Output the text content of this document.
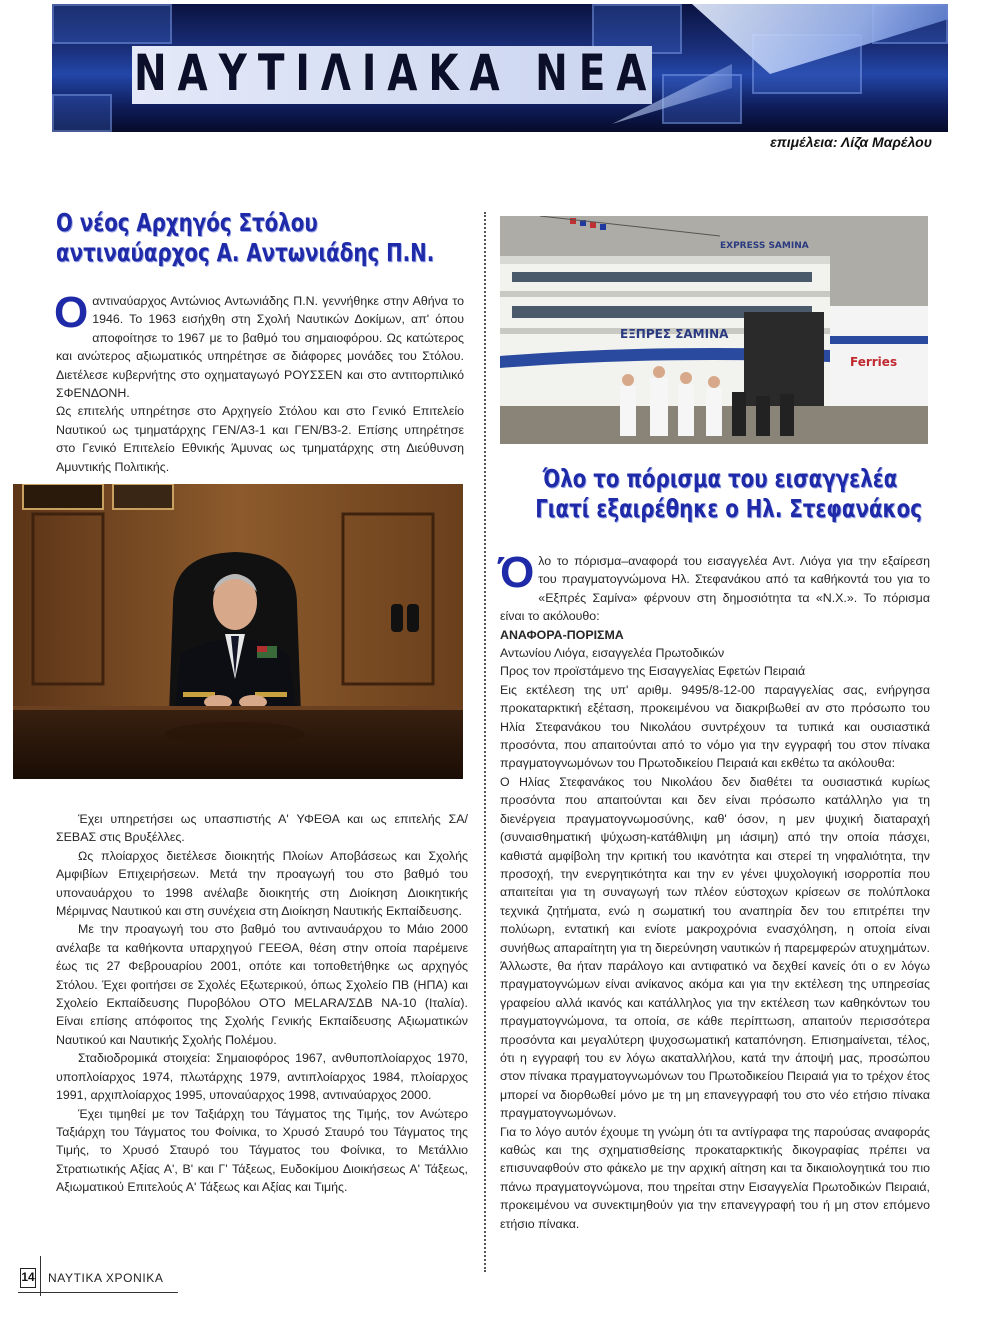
ΝΑΥΤΙΛΙΑΚΑ ΝΕΑ
επιμέλεια: Λίζα Μαρέλου
Ο νέος Αρχηγός Στόλου
αντιναύαρχος Α. Αντωνιάδης Π.Ν.

Οαντιναύαρχος Αντώνιος Αντωνιάδης Π.Ν. γεννήθηκε στην Αθήνα το 1946. Το 1963 εισήχθη στη Σχολή Ναυτικών Δοκίμων, απ' όπου αποφοίτησε το 1967 με το βαθμό του σημαιοφόρου. Ως κατώτερος και ανώτερος αξιωματικός υπηρέτησε σε διάφορες μονάδες του Στόλου. Διετέλεσε κυβερνήτης στο οχηματαγωγό ΡΟΥΣΣΕΝ και στο αντιτορπιλικό ΣΦΕΝΔΟΝΗ.

Ως επιτελής υπηρέτησε στο Αρχηγείο Στόλου και στο Γενικό Επιτελείο Ναυτικού ως τμηματάρχης ΓΕΝ/Α3-1 και ΓΕΝ/Β3-2. Επίσης υπηρέτησε στο Γενικό Επιτελείο Εθνικής Άμυνας ως τμηματάρχης στη Διεύθυνση Αμυντικής Πολιτικής.

Έχει υπηρετήσει ως υπασπιστής Α' ΥΦΕΘΑ και ως επιτελής ΣΑ/ΣΕΒΑΣ στις Βρυξέλλες.

Ως πλοίαρχος διετέλεσε διοικητής Πλοίων Αποβάσεως και Σχολής Αμφιβίων Επιχειρήσεων. Μετά την προαγωγή του στο βαθμό του υποναυάρχου το 1998 ανέλαβε διοικητής στη Διοίκηση Διοικητικής Μέριμνας Ναυτικού και στη συνέχεια στη Διοίκηση Ναυτικής Εκπαίδευσης.

Με την προαγωγή του στο βαθμό του αντιναυάρχου το Μάιο 2000 ανέλαβε τα καθήκοντα υπαρχηγού ΓΕΕΘΑ, θέση στην οποία παρέμεινε έως τις 27 Φεβρουαρίου 2001, οπότε και τοποθετήθηκε ως αρχηγός Στόλου. Έχει φοιτήσει σε Σχολές Εξωτερικού, όπως Σχολείο ΠΒ (ΗΠΑ) και Σχολείο Εκπαίδευσης Πυροβόλου ΟΤΟ MELARA/ΣΔΒ ΝΑ-10 (Ιταλία). Είναι επίσης απόφοιτος της Σχολής Γενικής Εκπαίδευσης Αξιωματικών Ναυτικού και Ναυτικής Σχολής Πολέμου.

Σταδιοδρομικά στοιχεία: Σημαιοφόρος 1967, ανθυποπλοίαρχος 1970, υποπλοίαρχος 1974, πλωτάρχης 1979, αντιπλοίαρχος 1984, πλοίαρχος 1991, αρχιπλοίαρχος 1995, υποναύαρχος 1998, αντιναύαρχος 2000.

Έχει τιμηθεί με τον Ταξιάρχη του Τάγματος της Τιμής, τον Ανώτερο Ταξιάρχη του Τάγματος του Φοίνικα, το Χρυσό Σταυρό του Τάγματος της Τιμής, το Χρυσό Σταυρό του Τάγματος του Φοίνικα, το Μετάλλιο Στρατιωτικής Αξίας Α', Β' και Γ' Τάξεως, Ευδοκίμου Διοικήσεως Α' Τάξεως, Αξιωματικού Επιτελούς Α' Τάξεως και Αξίας και Τιμής.

ΕΞΠΡΕΣ ΣΑΜΙΝΑ
EXPRESS SAMINA
Ferries
Όλο το πόρισμα του εισαγγελέα
Γιατί εξαιρέθηκε ο Ηλ. Στεφανάκος

Όλο το πόρισμα–αναφορά του εισαγγελέα Αντ. Λιόγα για την εξαίρεση του πραγματογνώμονα Ηλ. Στεφανάκου από τα καθήκοντά του για το «Εξπρές Σαμίνα» φέρνουν στη δημοσιότητα τα «Ν.Χ.». Το πόρισμα είναι το ακόλουθο:

ΑΝΑΦΟΡΑ-ΠΟΡΙΣΜΑ

Αντωνίου Λιόγα, εισαγγελέα Πρωτοδικών

Προς τον προϊστάμενο της Εισαγγελίας Εφετών Πειραιά

Εις εκτέλεση της υπ' αριθμ. 9495/8-12-00 παραγγελίας σας, ενήργησα προκαταρκτική εξέταση, προκειμένου να διακριβωθεί αν στο πρόσωπο του Ηλία Στεφανάκου του Νικολάου συντρέχουν τα τυπικά και ουσιαστικά προσόντα, που απαιτούνται από το νόμο για την εγγραφή του στον πίνακα πραγματογνωμόνων του Πρωτοδικείου Πειραιά και εκθέτω τα ακόλουθα:

Ο Ηλίας Στεφανάκος του Νικολάου δεν διαθέτει τα ουσιαστικά κυρίως προσόντα που απαιτούνται και δεν είναι πρόσωπο κατάλληλο για τη διενέργεια πραγματογνωμοσύνης, καθ' όσον, η μεν ψυχική διαταραχή (συναισθηματική ψύχωση-κατάθλιψη μη ιάσιμη) από την οποία πάσχει, καθιστά αμφίβολη την κριτική του ικανότητα και στερεί τη νηφαλιότητα, την προσοχή, την ενεργητικότητα και την εν γένει ψυχολογική ισορροπία που απαιτείται για τη συναγωγή των πλέον εύστοχων κρίσεων σε πολύπλοκα τεχνικά ζητήματα, ενώ η σωματική του αναπηρία δεν του επιτρέπει την πολύωρη, εντατική και ενίοτε μακροχρόνια ενασχόληση, η οποία είναι συνήθως απαραίτητη για τη διερεύνηση ναυτικών ή παρεμφερών ατυχημάτων. Άλλωστε, θα ήταν παράλογο και αντιφατικό να δεχθεί κανείς ότι ο εν λόγω πραγματογνώμων είναι ανίκανος ακόμα και για την εκτέλεση της υπηρεσίας γραφείου αλλά ικανός και κατάλληλος για την εκτέλεση των καθηκόντων του πραγματογνώμονα, τα οποία, σε κάθε περίπτωση, απαιτούν περισσότερα προσόντα και μεγαλύτερη ψυχοσωματική καταπόνηση. Επισημαίνεται, τέλος, ότι η εγγραφή του εν λόγω ακαταλλήλου, κατά την άποψή μας, προσώπου στον πίνακα πραγματογνωμόνων του Πρωτοδικείου Πειραιά για το τρέχον έτος μπορεί να διορθωθεί μόνο με τη μη επανεγγραφή του στο νέο ετήσιο πίνακα πραγματογνωμόνων.

Για το λόγο αυτόν έχουμε τη γνώμη ότι τα αντίγραφα της παρούσας αναφοράς καθώς και της σχηματισθείσης προκαταρκτικής δικογραφίας πρέπει να επισυναφθούν στο φάκελο με την αρχική αίτηση και τα δικαιολογητικά του πιο πάνω πραγματογνώμονα, που τηρείται στην Εισαγγελία Πρωτοδικών Πειραιά, προκειμένου να συνεκτιμηθούν για την επανεγγραφή του ή μη στον επόμενο ετήσιο πίνακα.

14 ΝΑΥΤΙΚΑ ΧΡΟΝΙΚΑ
